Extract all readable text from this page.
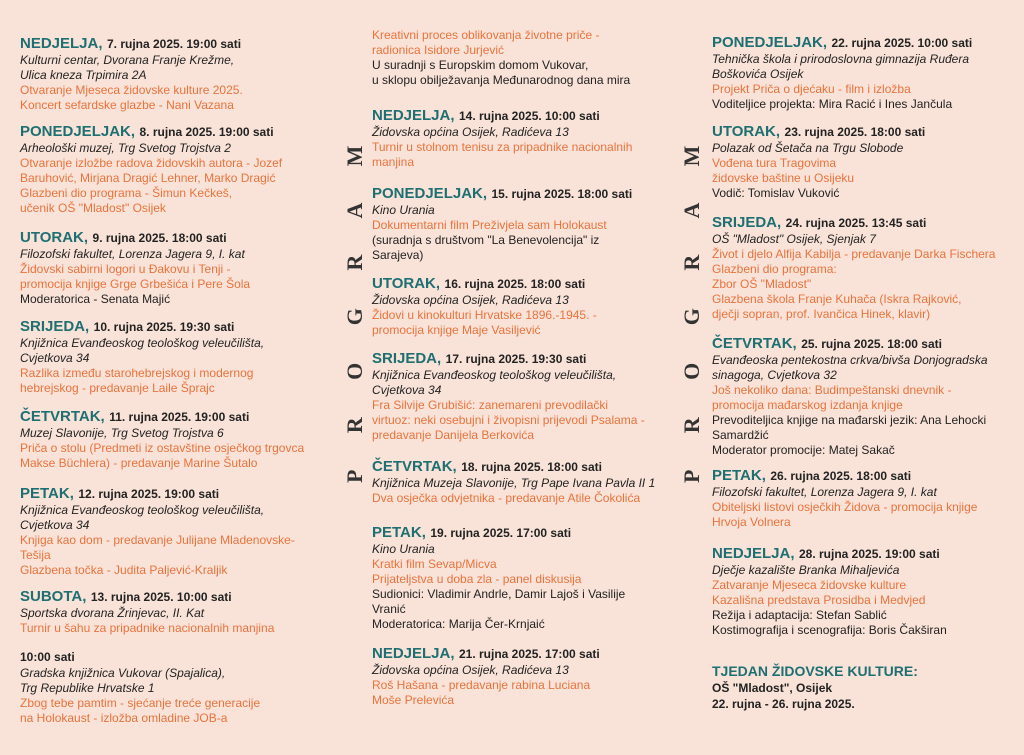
NEDJELJA, 7. rujna 2025. 19:00 sati
Kulturni centar, Dvorana Franje Krežme,
Ulica kneza Trpimira 2A
Otvaranje Mjeseca židovske kulture 2025.
Koncert sefardske glazbe - Nani Vazana
PONEDJELJAK, 8. rujna 2025. 19:00 sati
Arheološki muzej, Trg Svetog Trojstva 2
Otvaranje izložbe radova židovskih autora - Jozef
Baruhović, Mirjana Dragić Lehner, Marko Dragić
Glazbeni dio programa - Šimun Kečkeš,
učenik OŠ "Mladost" Osijek
UTORAK, 9. rujna 2025. 18:00 sati
Filozofski fakultet, Lorenza Jagera 9, I. kat
Židovski sabirni logori u Đakovu i Tenji -
promocija knjige Grge Grbešića i Pere Šola
Moderatorica - Senata Majić
SRIJEDA, 10. rujna 2025. 19:30 sati
Knjižnica Evanđeoskog teološkog veleučilišta,
Cvjetkova 34
Razlika između starohebrejskog i modernog
hebrejskog - predavanje Laile Šprajc
ČETVRTAK, 11. rujna 2025. 19:00 sati
Muzej Slavonije, Trg Svetog Trojstva 6
Priča o stolu (Predmeti iz ostavštine osječkog trgovca
Makse Büchlera) - predavanje Marine Šutalo
PETAK, 12. rujna 2025. 19:00 sati
Knjižnica Evanđeoskog teološkog veleučilišta,
Cvjetkova 34
Knjiga kao dom - predavanje Julijane Mladenovske-
Tešija
Glazbena točka - Judita Paljević-Kraljik
SUBOTA, 13. rujna 2025. 10:00 sati
Sportska dvorana Žrinjevac, II. Kat
Turnir u šahu za pripadnike nacionalnih manjina
10:00 sati
Gradska knjižnica Vukovar (Spajalica),
Trg Republike Hrvatske 1
Zbog tebe pamtim - sjećanje treće generacije
na Holokaust - izložba omladine JOB-a
Kreativni proces oblikovanja životne priče -
radionica Isidore Jurjević
U suradnji s Europskim domom Vukovar,
u sklopu obilježavanja Međunarodnog dana mira
NEDJELJA, 14. rujna 2025. 10:00 sati
Židovska općina Osijek, Radićeva 13
Turnir u stolnom tenisu za pripadnike nacionalnih
manjina
PONEDJELJAK, 15. rujna 2025. 18:00 sati
Kino Urania
Dokumentarni film Preživjela sam Holokaust
(suradnja s društvom "La Benevolencija" iz
Sarajeva)
UTORAK, 16. rujna 2025. 18:00 sati
Židovska općina Osijek, Radićeva 13
Židovi u kinokulturi Hrvatske 1896.-1945. -
promocija knjige Maje Vasiljević
SRIJEDA, 17. rujna 2025. 19:30 sati
Knjižnica Evanđeoskog teološkog veleučilišta,
Cvjetkova 34
Fra Silvije Grubišić: zanemareni prevodilački
virtuoz: neki osebujni i živopisni prijevodi Psalama -
predavanje Danijela Berkovića
ČETVRTAK, 18. rujna 2025. 18:00 sati
Knjižnica Muzeja Slavonije, Trg Pape Ivana Pavla II 1
Dva osječka odvjetnika - predavanje Atile Čokolića
PETAK, 19. rujna 2025. 17:00 sati
Kino Urania
Kratki film Sevap/Micva
Prijateljstva u doba zla - panel diskusija
Sudionici: Vladimir Andrle, Damir Lajoš i Vasilije
Vranić
Moderatorica: Marija Čer-Krnjaić
NEDJELJA, 21. rujna 2025. 17:00 sati
Židovska općina Osijek, Radićeva 13
Roš Hašana - predavanje rabina Luciana
Moše Prelevića
TJEDAN ŽIDOVSKE KULTURE:
OŠ "Mladost", Osijek
22. rujna - 26. rujna 2025.
PONEDJELJAK, 22. rujna 2025. 10:00 sati
Tehnička škola i prirodoslovna gimnazija Ruđera
Boškovića Osijek
Projekt Priča o djećaku - film i izložba
Voditeljice projekta: Mira Racić i Ines Jančula
UTORAK, 23. rujna 2025. 18:00 sati
Polazak od Šetača na Trgu Slobode
Vođena tura Tragovima
židovske baštine u Osijeku
Vodič: Tomislav Vuković
SRIJEDA, 24. rujna 2025. 13:45 sati
OŠ "Mladost" Osijek, Sjenjak 7
Život i djelo Alfija Kabilja - predavanje Darka Fischera
Glazbeni dio programa:
Zbor OŠ "Mladost"
Glazbena škola Franje Kuhača (Iskra Rajković,
dječji sopran, prof. Ivančica Hinek, klavir)
ČETVRTAK, 25. rujna 2025. 18:00 sati
Evanđeoska pentekostna crkva/bivša Donjogradska
sinagoga, Cvjetkova 32
Još nekoliko dana: Budimpeštanski dnevnik -
promocija mađarskog izdanja knjige
Prevoditeljica knjige na mađarski jezik: Ana Lehocki
Samardžić
Moderator promocije: Matej Sakač
PETAK, 26. rujna 2025. 18:00 sati
Filozofski fakultet, Lorenza Jagera 9, I. kat
Obiteljski listovi osječkih Židova - promocija knjige
Hrvoja Volnera
NEDJELJA, 28. rujna 2025. 19:00 sati
Dječje kazalište Branka Mihaljevića
Zatvaranje Mjeseca židovske kulture
Kazališna predstava Prosidba i Medvjed
Režija i adaptacija: Stefan Sablić
Kostimografija i scenografija: Boris Čakširan
P R O G R A M	P R O G R A M
